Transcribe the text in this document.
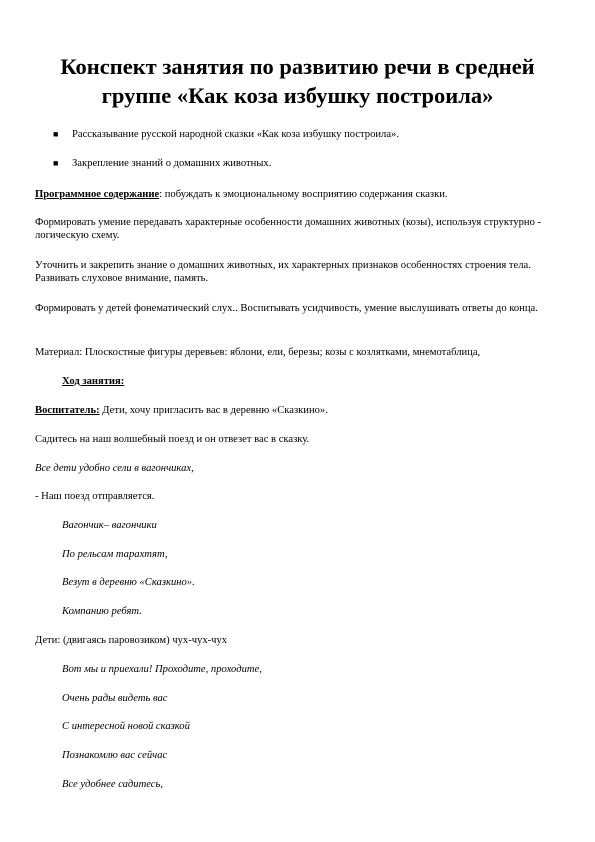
Конспект занятия по развитию речи в средней
группе «Как коза избушку построила»
■ Рассказывание русской народной сказки «Как коза избушку построила».

■ Закрепление знаний о домашних животных.

Программное содержание: побуждать к эмоциональному восприятию содержания сказки.

Формировать умение передавать характерные особенности домашних животных (козы), используя структурно - логическую схему.

Уточнить и закрепить знание о домашних животных, их характерных признаков особенностях строения тела. Развивать слуховое внимание, память.

Формировать у детей фонематический слух.. Воспитывать усидчивость, умение выслушивать ответы до конца.

Материал: Плоскостные фигуры деревьев: яблони, ели, березы; козы с козлятками, мнемотаблица,

Ход занятия:

Воспитатель: Дети, хочу пригласить вас в деревню «Сказкино».

Садитесь на наш волшебный поезд и он отвезет вас в сказку.

Все дети удобно сели в вагончиках,

- Наш поезд отправляется.

Вагончик– вагончики

По рельсам тарахтят,

Везут в деревню «Сказкино».

Компанию ребят.

Дети: (двигаясь паровозиком) чух-чух-чух

Вот мы и приехали! Проходите, проходите,

Очень рады видеть вас

С интересной новой сказкой

Познакомлю вас сейчас

Все удобнее садитесь,
